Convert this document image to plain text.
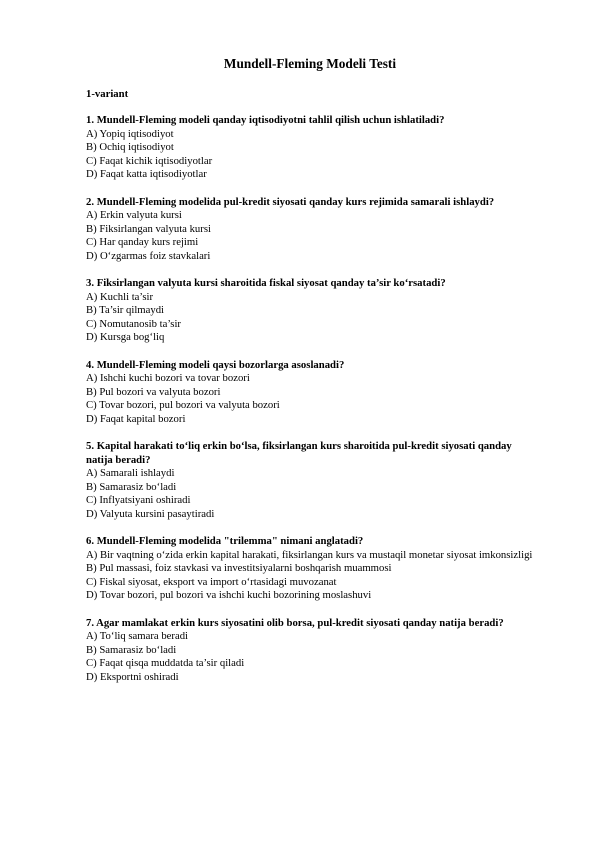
Mundell-Fleming Modeli Testi
1-variant
1. Mundell-Fleming modeli qanday iqtisodiyotni tahlil qilish uchun ishlatiladi?
A) Yopiq iqtisodiyot
B) Ochiq iqtisodiyot
C) Faqat kichik iqtisodiyotlar
D) Faqat katta iqtisodiyotlar
2. Mundell-Fleming modelida pul-kredit siyosati qanday kurs rejimida samarali ishlaydi?
A) Erkin valyuta kursi
B) Fiksirlangan valyuta kursi
C) Har qanday kurs rejimi
D) O‘zgarmas foiz stavkalari
3. Fiksirlangan valyuta kursi sharoitida fiskal siyosat qanday ta’sir ko‘rsatadi?
A) Kuchli ta’sir
B) Ta’sir qilmaydi
C) Nomutanosib ta’sir
D) Kursga bog‘liq
4. Mundell-Fleming modeli qaysi bozorlarga asoslanadi?
A) Ishchi kuchi bozori va tovar bozori
B) Pul bozori va valyuta bozori
C) Tovar bozori, pul bozori va valyuta bozori
D) Faqat kapital bozori
5. Kapital harakati to‘liq erkin bo‘lsa, fiksirlangan kurs sharoitida pul-kredit siyosati qanday natija beradi?
A) Samarali ishlaydi
B) Samarasiz bo‘ladi
C) Inflyatsiyani oshiradi
D) Valyuta kursini pasaytiradi
6. Mundell-Fleming modelida "trilemma" nimani anglatadi?
A) Bir vaqtning o‘zida erkin kapital harakati, fiksirlangan kurs va mustaqil monetar siyosat imkonsizligi
B) Pul massasi, foiz stavkasi va investitsiyalarni boshqarish muammosi
C) Fiskal siyosat, eksport va import o‘rtasidagi muvozanat
D) Tovar bozori, pul bozori va ishchi kuchi bozorining moslashuvi
7. Agar mamlakat erkin kurs siyosatini olib borsa, pul-kredit siyosati qanday natija beradi?
A) To‘liq samara beradi
B) Samarasiz bo‘ladi
C) Faqat qisqa muddatda ta’sir qiladi
D) Eksportni oshiradi
